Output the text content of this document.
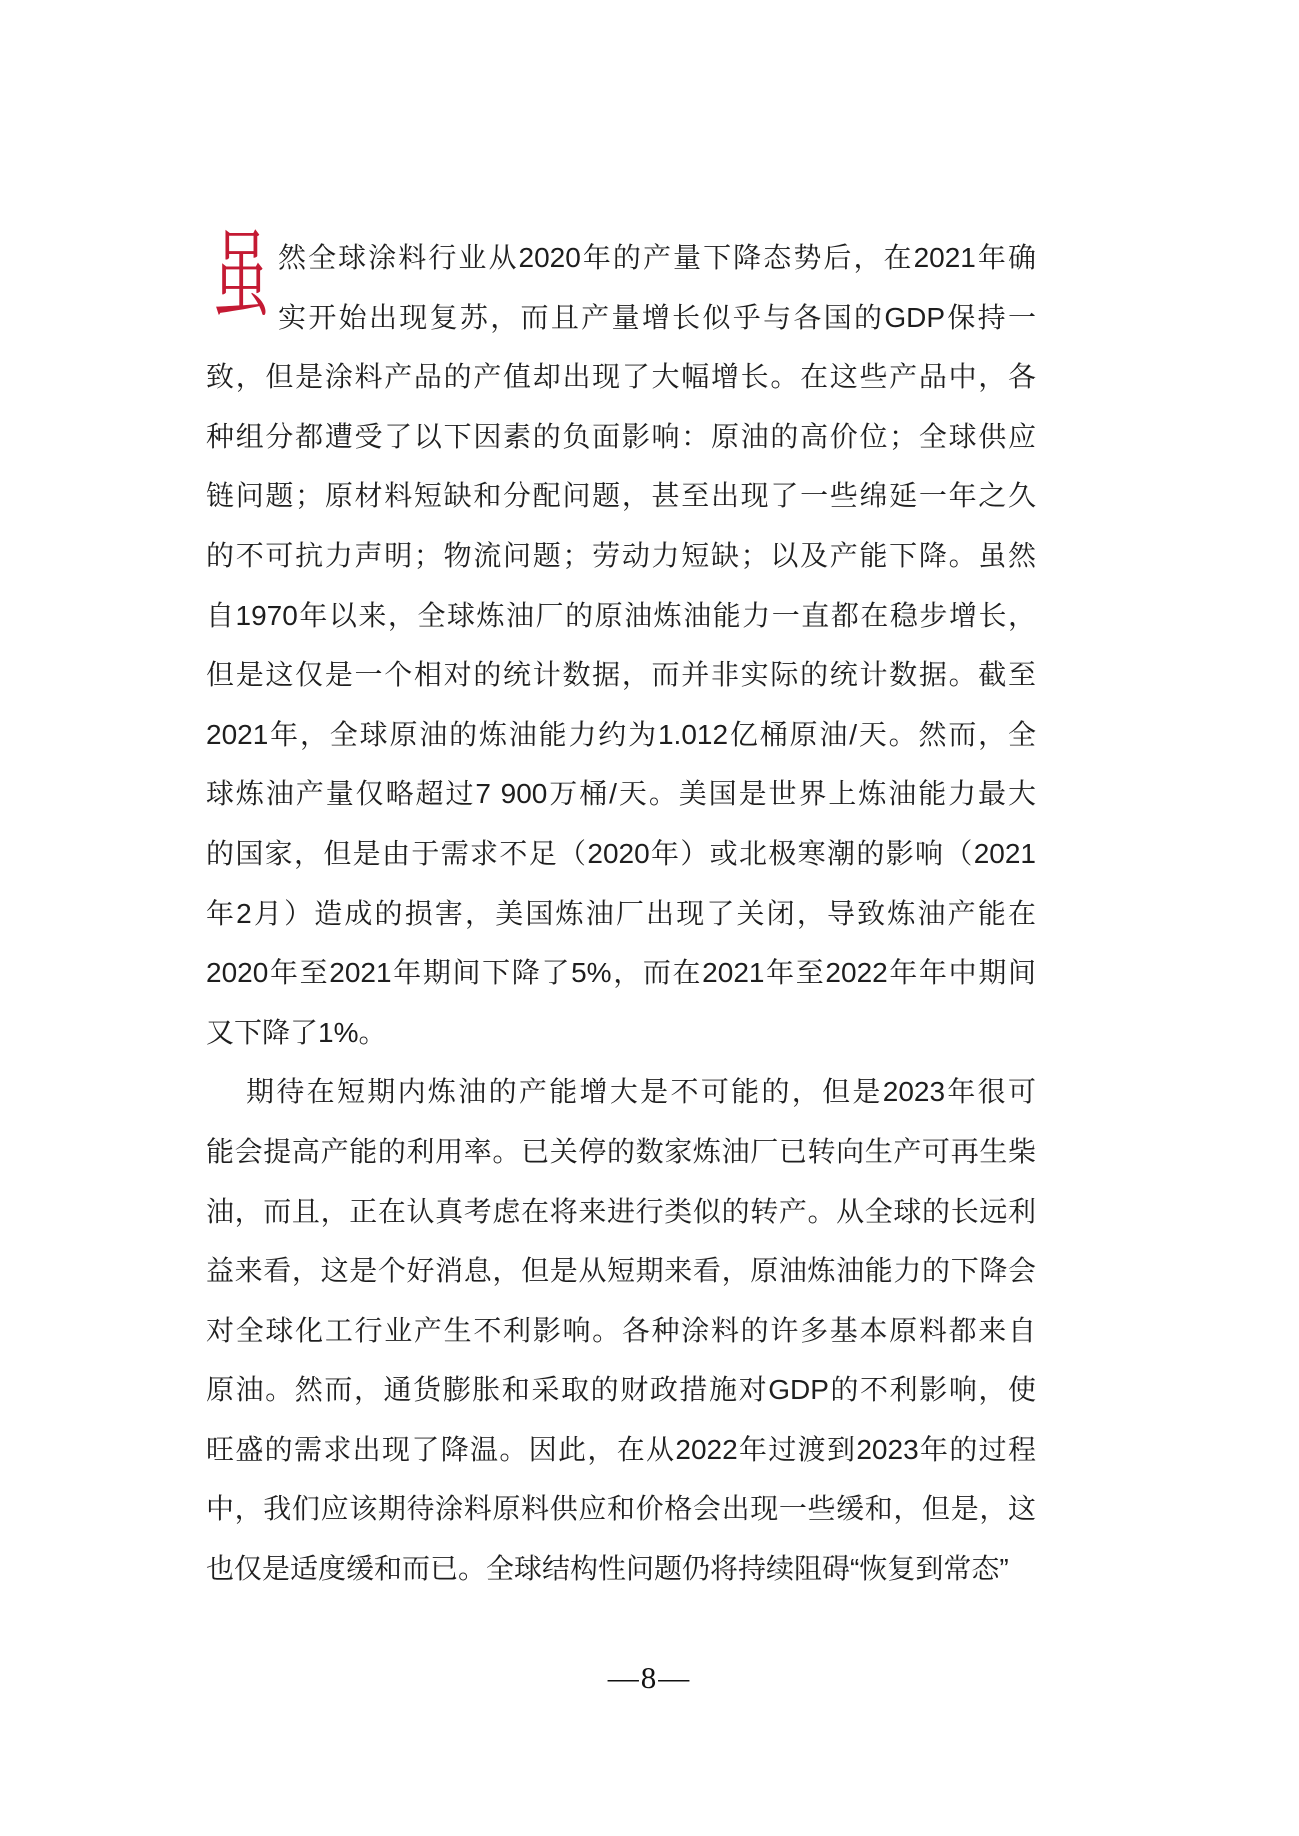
虽 然全球涂料行业从2020年的产量下降态势后，在2021年确
实开始出现复苏，而且产量增长似乎与各国的GDP保持一
致，但是涂料产品的产值却出现了大幅增长。在这些产品中，各
种组分都遭受了以下因素的负面影响：原油的高价位；全球供应
链问题；原材料短缺和分配问题，甚至出现了一些绵延一年之久
的不可抗力声明；物流问题；劳动力短缺；以及产能下降。虽然
自1970年以来，全球炼油厂的原油炼油能力一直都在稳步增长，
但是这仅是一个相对的统计数据，而并非实际的统计数据。截至
2021年，全球原油的炼油能力约为1.012亿桶原油/天。然而，全
球炼油产量仅略超过7 900万桶/天。美国是世界上炼油能力最大
的国家，但是由于需求不足（2020年）或北极寒潮的影响（2021
年2月）造成的损害，美国炼油厂出现了关闭，导致炼油产能在
2020年至2021年期间下降了5%，而在2021年至2022年年中期间
又下降了1%。
期待在短期内炼油的产能增大是不可能的，但是2023年很可
能会提高产能的利用率。已关停的数家炼油厂已转向生产可再生柴
油，而且，正在认真考虑在将来进行类似的转产。从全球的长远利
益来看，这是个好消息，但是从短期来看，原油炼油能力的下降会
对全球化工行业产生不利影响。各种涂料的许多基本原料都来自
原油。然而，通货膨胀和采取的财政措施对GDP的不利影响，使
旺盛的需求出现了降温。因此，在从2022年过渡到2023年的过程
中，我们应该期待涂料原料供应和价格会出现一些缓和，但是，这
也仅是适度缓和而已。全球结构性问题仍将持续阻碍“恢复到常态”
—8—
